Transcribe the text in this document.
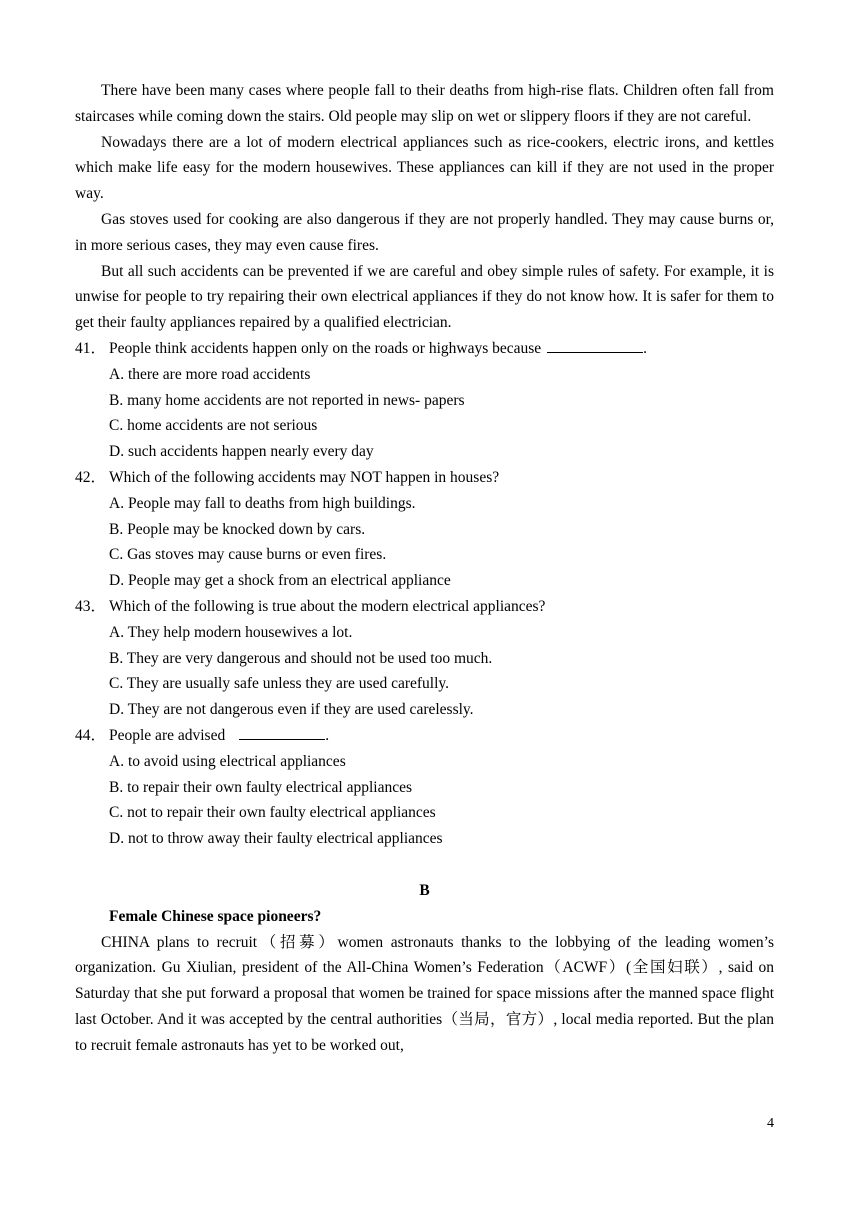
There have been many cases where people fall to their deaths from high-rise flats. Children often fall from staircases while coming down the stairs. Old people may slip on wet or slippery floors if they are not careful.

Nowadays there are a lot of modern electrical appliances such as rice-cookers, electric irons, and kettles which make life easy for the modern housewives. These appliances can kill if they are not used in the proper way.

Gas stoves used for cooking are also dangerous if they are not properly handled. They may cause burns or, in more serious cases, they may even cause fires.

But all such accidents can be prevented if we are careful and obey simple rules of safety. For example, it is unwise for people to try repairing their own electrical appliances if they do not know how. It is safer for them to get their faulty appliances repaired by a qualified electrician.

41． People think accidents happen only on the roads or highways because	.

A. there are more road accidents

B. many home accidents are not reported in news- papers

C. home accidents are not serious

D. such accidents happen nearly every day

42． Which of the following accidents may NOT happen in houses?

A. People may fall to deaths from high buildings.

B. People may be knocked down by cars.

C. Gas stoves may cause burns or even fires.

D. People may get a shock from an electrical appliance

43． Which of the following is true about the modern electrical appliances?

A. They help modern housewives a lot.

B. They are very dangerous and should not be used too much.

C. They are usually safe unless they are used carefully.

D. They are not dangerous even if they are used carelessly.

44． People are advised	.

A. to avoid using electrical appliances

B. to repair their own faulty electrical appliances

C. not to repair their own faulty electrical appliances

D. not to throw away their faulty electrical appliances

B

Female Chinese space pioneers?

CHINA plans to recruit（招募）women astronauts thanks to the lobbying of the leading women’s organization. Gu Xiulian, president of the All-China Women’s Federation（ACWF）(全国妇联）, said on Saturday that she put forward a proposal that women be trained for space missions after the manned space flight last October. And it was accepted by the central authorities（当局，官方）, local media reported. But the plan to recruit female astronauts has yet to be worked out,

4
